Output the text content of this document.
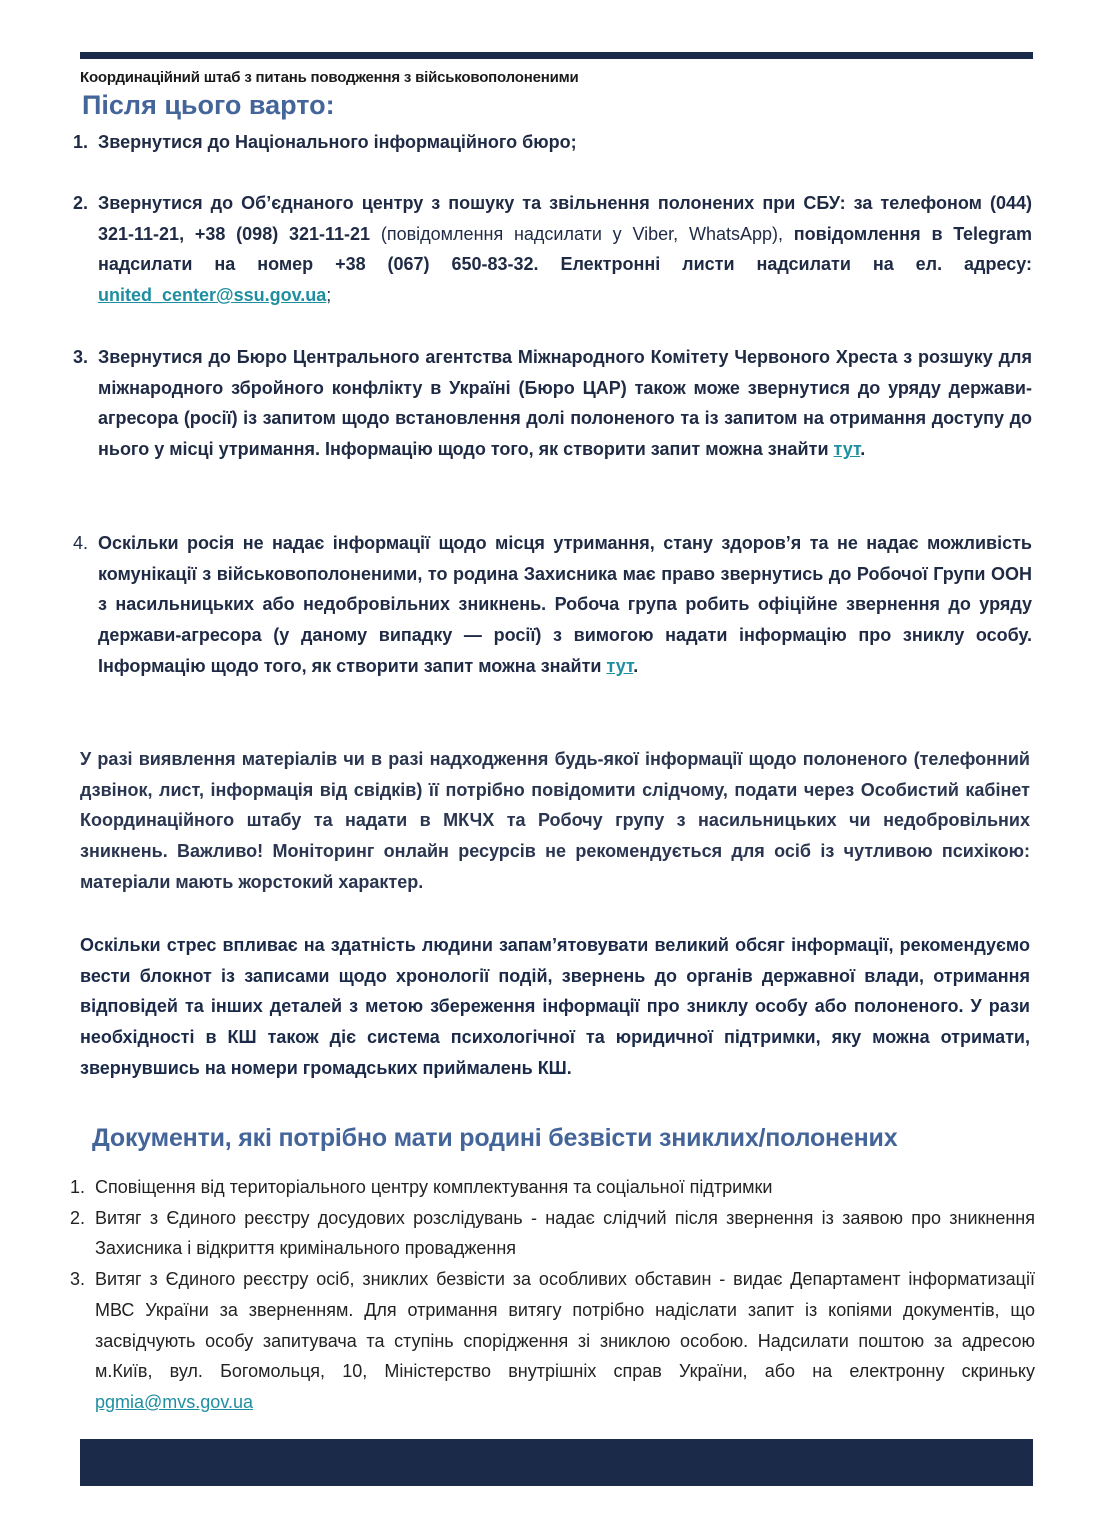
Координаційний штаб з питань поводження з військовополоненими
Після цього варто:
1. Звернутися до Національного інформаційного бюро;
2. Звернутися до Об’єднаного центру з пошуку та звільнення полонених при СБУ: за телефоном (044) 321-11-21, +38 (098) 321-11-21 (повідомлення надсилати у Viber, WhatsApp), повідомлення в Telegram надсилати на номер +38 (067) 650-83-32. Електронні листи надсилати на ел. адресу: united_center@ssu.gov.ua;
3. Звернутися до Бюро Центрального агентства Міжнародного Комітету Червоного Хреста з розшуку для міжнародного збройного конфлікту в Україні (Бюро ЦАР) також може звернутися до уряду держави-агресора (росії) із запитом щодо встановлення долі полоненого та із запитом на отримання доступу до нього у місці утримання. Інформацію щодо того, як створити запит можна знайти тут.
4. Оскільки росія не надає інформації щодо місця утримання, стану здоров’я та не надає можливість комунікації з військовополоненими, то родина Захисника має право звернутись до Робочої Групи ООН з насильницьких або недобровільних зникнень. Робоча група робить офіційне звернення до уряду держави-агресора (у даному випадку — росії) з вимогою надати інформацію про зниклу особу. Інформацію щодо того, як створити запит можна знайти тут.
У разі виявлення матеріалів чи в разі надходження будь-якої інформації щодо полоненого (телефонний дзвінок, лист, інформація від свідків) її потрібно повідомити слідчому, подати через Особистий кабінет Координаційного штабу та надати в МКЧХ та Робочу групу з насильницьких чи недобровільних зникнень. Важливо! Моніторинг онлайн ресурсів не рекомендується для осіб із чутливою психікою: матеріали мають жорстокий характер.
Оскільки стрес впливає на здатність людини запам’ятовувати великий обсяг інформації, рекомендуємо вести блокнот із записами щодо хронології подій, звернень до органів державної влади, отримання відповідей та інших деталей з метою збереження інформації про зниклу особу або полоненого. У рази необхідності в КШ також діє система психологічної та юридичної підтримки, яку можна отримати, звернувшись на номери громадських приймалень КШ.
Документи, які потрібно мати родині безвісти зниклих/полонених
1. Сповіщення від територіального центру комплектування та соціальної підтримки
2. Витяг з Єдиного реєстру досудових розслідувань - надає слідчий після звернення із заявою про зникнення Захисника і відкриття кримінального провадження
3. Витяг з Єдиного реєстру осіб, зниклих безвісти за особливих обставин - видає Департамент інформатизації МВС України за зверненням. Для отримання витягу потрібно надіслати запит із копіями документів, що засвідчують особу запитувача та ступінь спорідження зі зниклою особою. Надсилати поштою за адресою м.Київ, вул. Богомольця, 10, Міністерство внутрішніх справ України, або на електронну скриньку pgmia@mvs.gov.ua
